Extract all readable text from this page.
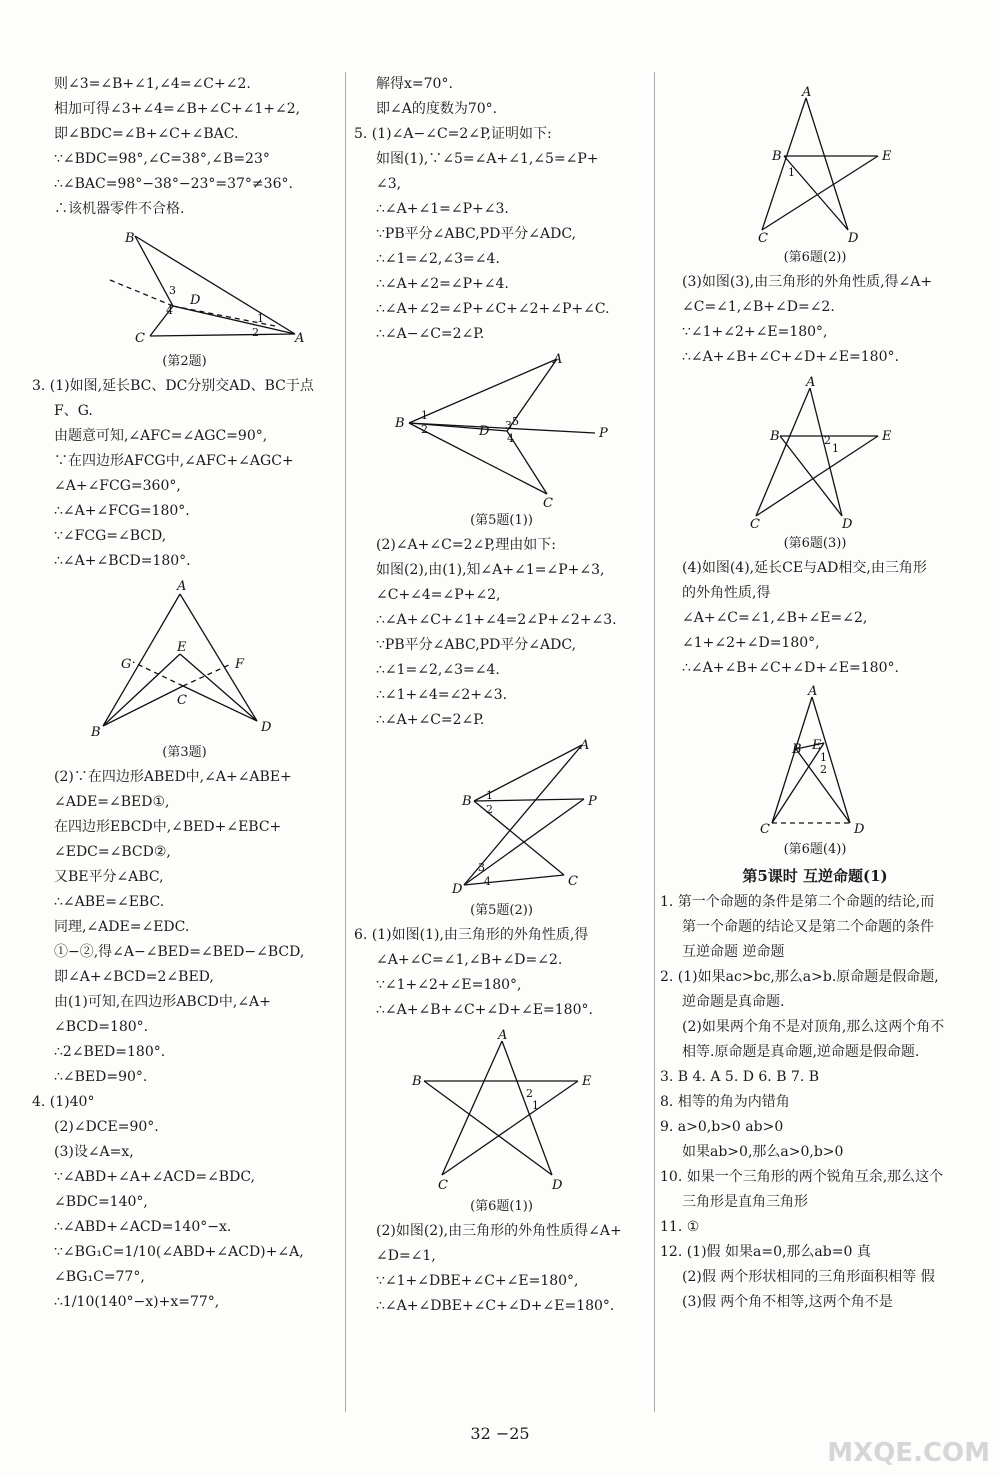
则∠3=∠B+∠1,∠4=∠C+∠2.
相加可得∠3+∠4=∠B+∠C+∠1+∠2,
即∠BDC=∠B+∠C+∠BAC.
∵∠BDC=98°,∠C=38°,∠B=23°
∴∠BAC=98°−38°−23°=37°≠36°.
∴该机器零件不合格.
B
C	A
D
3
4
1
2
(第2题)
3. (1)如图,延长BC、DC分别交AD、BC于点
F、G.
由题意可知,∠AFC=∠AGC=90°,
∵在四边形AFCG中,∠AFC+∠AGC+
∠A+∠FCG=360°,
∴∠A+∠FCG=180°.
∵∠FCG=∠BCD,
∴∠A+∠BCD=180°.
A
B	D
E
C
G	F
(第3题)
(2)∵在四边形ABED中,∠A+∠ABE+
∠ADE=∠BED①,
在四边形EBCD中,∠BED+∠EBC+
∠EDC=∠BCD②,
又BE平分∠ABC,
∴∠ABE=∠EBC.
同理,∠ADE=∠EDC.
①−②,得∠A−∠BED=∠BED−∠BCD,
即∠A+∠BCD=2∠BED,
由(1)可知,在四边形ABCD中,∠A+
∠BCD=180°.
∴2∠BED=180°.
∴∠BED=90°.
4. (1)40°
(2)∠DCE=90°.
(3)设∠A=x,
∵∠ABD+∠A+∠ACD=∠BDC,
∠BDC=140°,
∴∠ABD+∠ACD=140°−x.
∵∠BG₁C=1/10(∠ABD+∠ACD)+∠A,
∠BG₁C=77°,
∴1/10(140°−x)+x=77°,
解得x=70°.
即∠A的度数为70°.
5. (1)∠A−∠C=2∠P,证明如下:
如图(1),∵∠5=∠A+∠1,∠5=∠P+
∠3,
∴∠A+∠1=∠P+∠3.
∵PB平分∠ABC,PD平分∠ADC,
∴∠1=∠2,∠3=∠4.
∴∠A+∠2=∠P+∠4.
∴∠A+∠2=∠P+∠C+∠2+∠P+∠C.
∴∠A−∠C=2∠P.
A
B
P
C
D
1
2
5
3
4
(第5题(1))
(2)∠A+∠C=2∠P,理由如下:
如图(2),由(1),知∠A+∠1=∠P+∠3,
∠C+∠4=∠P+∠2,
∴∠A+∠C+∠1+∠4=2∠P+∠2+∠3.
∵PB平分∠ABC,PD平分∠ADC,
∴∠1=∠2,∠3=∠4.
∴∠1+∠4=∠2+∠3.
∴∠A+∠C=2∠P.
A
B	P
D
C
1
2
3
4
(第5题(2))
6. (1)如图(1),由三角形的外角性质,得
∠A+∠C=∠1,∠B+∠D=∠2.
∵∠1+∠2+∠E=180°,
∴∠A+∠B+∠C+∠D+∠E=180°.
A
B	E
C	D
2
1
(第6题(1))
(2)如图(2),由三角形的外角性质得∠A+
∠D=∠1,
∵∠1+∠DBE+∠C+∠E=180°,
∴∠A+∠DBE+∠C+∠D+∠E=180°.
A
B	E
C	D
1
(第6题(2))
(3)如图(3),由三角形的外角性质,得∠A+
∠C=∠1,∠B+∠D=∠2.
∵∠1+∠2+∠E=180°,
∴∠A+∠B+∠C+∠D+∠E=180°.
A
B	E
C	D
2
1
(第6题(3))
(4)如图(4),延长CE与AD相交,由三角形
的外角性质,得
∠A+∠C=∠1,∠B+∠E=∠2,
∠1+∠2+∠D=180°,
∴∠A+∠B+∠C+∠D+∠E=180°.
A
B E
C	D
1
2
(第6题(4))
第5课时 互逆命题(1)
1. 第一个命题的条件是第二个命题的结论,而
第一个命题的结论又是第二个命题的条件
互逆命题 逆命题
2. (1)如果ac>bc,那么a>b.原命题是假命题,
逆命题是真命题.
(2)如果两个角不是对顶角,那么这两个角不
相等.原命题是真命题,逆命题是假命题.
3. B 4. A 5. D 6. B 7. B
8. 相等的角为内错角
9. a>0,b>0 ab>0
如果ab>0,那么a>0,b>0
10. 如果一个三角形的两个锐角互余,那么这个
三角形是直角三角形
11. ①
12. (1)假 如果a=0,那么ab=0 真
(2)假 两个形状相同的三角形面积相等 假
(3)假 两个角不相等,这两个角不是
32 −25
MXQE.COM
